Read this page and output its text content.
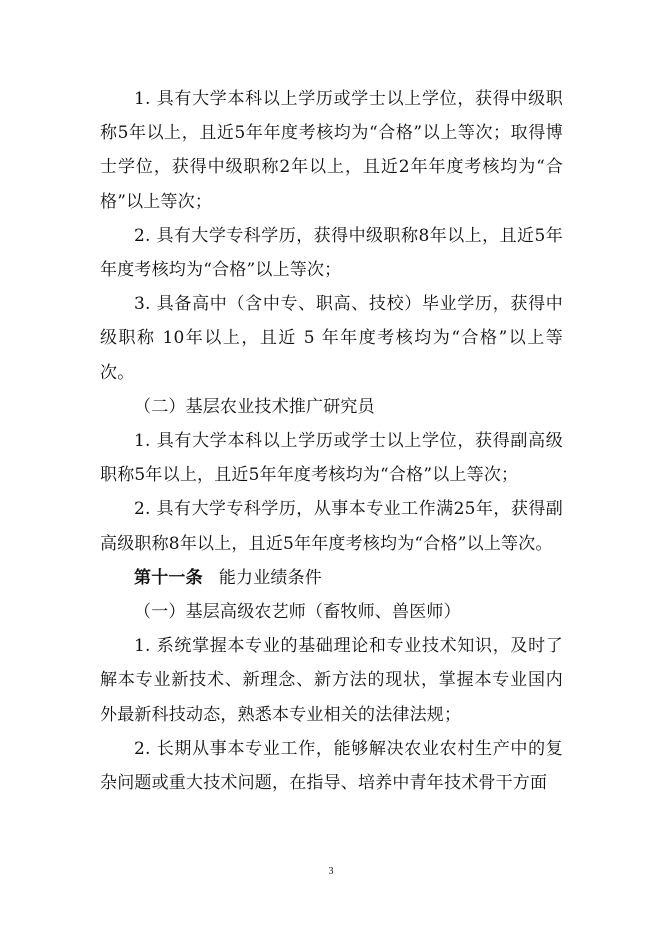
1. 具有大学本科以上学历或学士以上学位，获得中级职称5年以上，且近5年年度考核均为“合格”以上等次；取得博士学位，获得中级职称2年以上，且近2年年度考核均为“合格”以上等次；

2. 具有大学专科学历，获得中级职称8年以上，且近5年年度考核均为“合格”以上等次；

3. 具备高中（含中专、职高、技校）毕业学历，获得中级职称 10年以上，且近 5 年年度考核均为“合格”以上等次。

（二）基层农业技术推广研究员

1. 具有大学本科以上学历或学士以上学位，获得副高级职称5年以上，且近5年年度考核均为“合格”以上等次；

2. 具有大学专科学历，从事本专业工作满25年，获得副高级职称8年以上，且近5年年度考核均为“合格”以上等次。

第十一条 能力业绩条件

（一）基层高级农艺师（畜牧师、兽医师）

1. 系统掌握本专业的基础理论和专业技术知识，及时了解本专业新技术、新理念、新方法的现状，掌握本专业国内外最新科技动态，熟悉本专业相关的法律法规；

2. 长期从事本专业工作，能够解决农业农村生产中的复杂问题或重大技术问题，在指导、培养中青年技术骨干方面

3
